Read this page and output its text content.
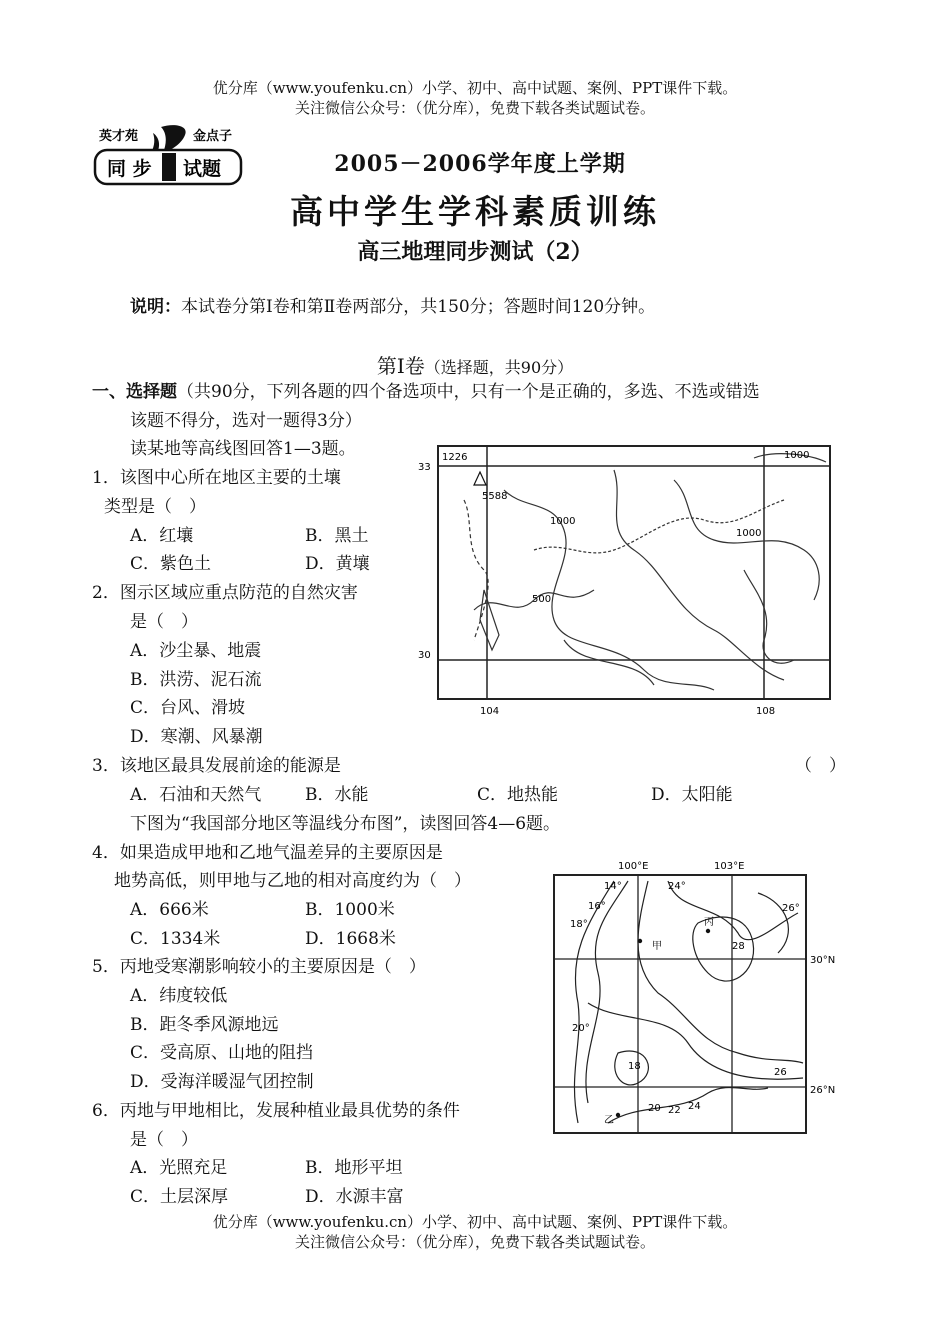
优分库（www.youfenku.cn）小学、初中、高中试题、案例、PPT课件下载。
关注微信公众号：（优分库），免费下载各类试题试卷。
英才苑	金点子
同 步 试题	2005－2006学年度上学期
高中学生学科素质训练
高三地理同步测试（2）
说明：本试卷分第Ⅰ卷和第Ⅱ卷两部分，共150分；答题时间120分钟。
第Ⅰ卷（选择题，共90分）
一、选择题（共90分，下列各题的四个备选项中，只有一个是正确的，多选、不选或错选
该题不得分，选对一题得3分）
读某地等高线图回答1—3题。
1．该图中心所在地区主要的土壤
类型是（　）
A．红壤	B．黑土
C．紫色土	D．黄壤
2．图示区域应重点防范的自然灾害
是（　）
A．沙尘暴、地震
B．洪涝、泥石流
C．台风、滑坡
D．寒潮、风暴潮
3．该地区最具发展前途的能源是	（　）
A．石油和天然气	B．水能	C．地热能	D．太阳能
下图为“我国部分地区等温线分布图”，读图回答4—6题。
4．如果造成甲地和乙地气温差异的主要原因是
地势高低，则甲地与乙地的相对高度约为（　）
A．666米	B．1000米
C．1334米	D．1668米
5．丙地受寒潮影响较小的主要原因是（　）
A．纬度较低
B．距冬季风源地远
C．受高原、山地的阻挡
D．受海洋暖湿气团控制
6．丙地与甲地相比，发展种植业最具优势的条件
是（　）
A．光照充足	B．地形平坦
C．土层深厚	D．水源丰富
33
30
104	108
1226
5588
1000
1000
1000
500
100°E	103°E
30°N
26°N
甲
丙
乙
14°
16°
18°
20°
24°
26°
28
18
20 22 24
26
优分库（www.youfenku.cn）小学、初中、高中试题、案例、PPT课件下载。
关注微信公众号：（优分库），免费下载各类试题试卷。
